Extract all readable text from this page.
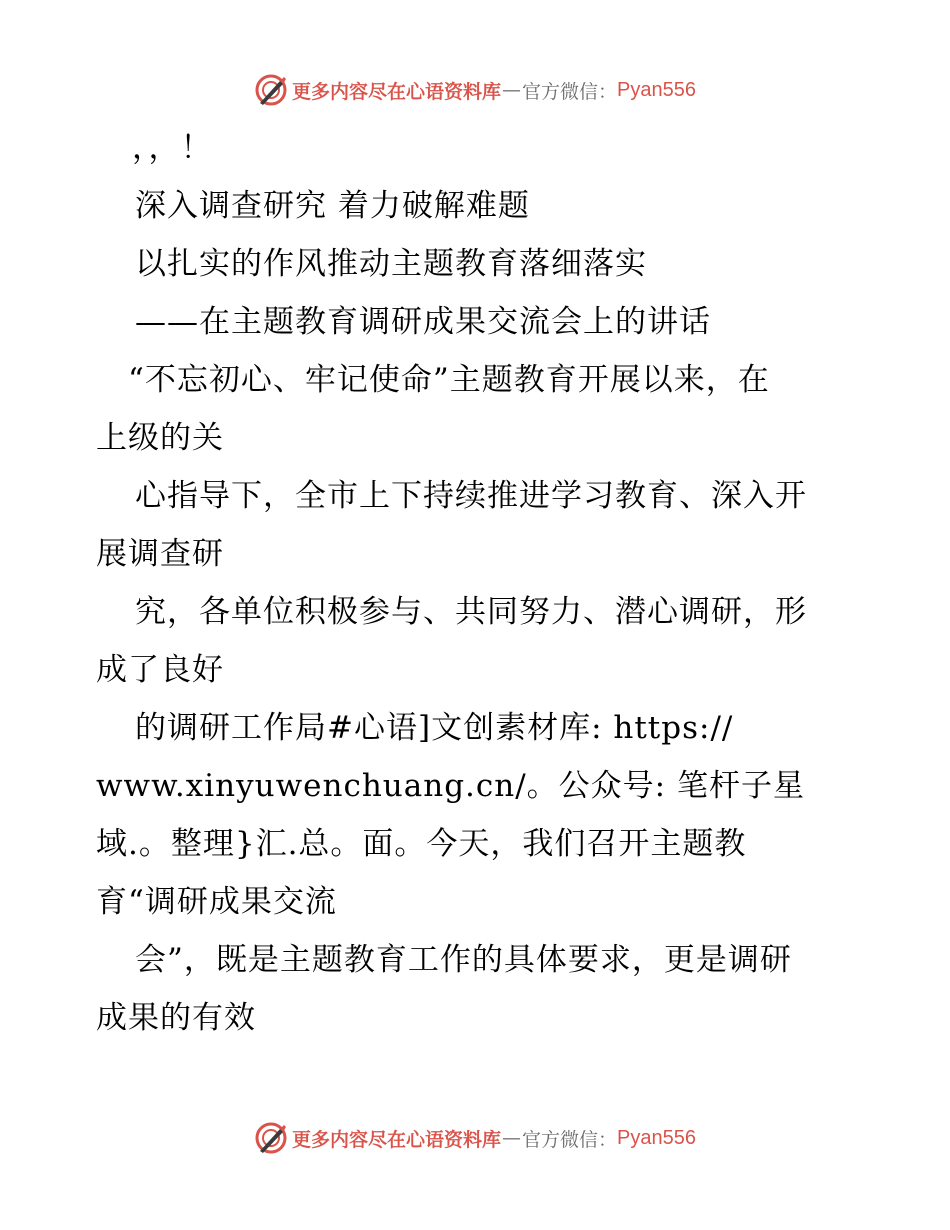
更多内容尽在心语资料库 — 官方微信： Pyan556
，，！
深入调查研究 着力破解难题
以扎实的作风推动主题教育落细落实
——在主题教育调研成果交流会上的讲话
“不忘初心、牢记使命”主题教育开展以来，在
上级的关
心指导下，全市上下持续推进学习教育、深入开
展调查研
究，各单位积极参与、共同努力、潜心调研，形
成了良好
的调研工作局#心语]文创素材库: https://
www.xinyuwenchuang.cn/。公众号: 笔杆子星
域.。整理}汇.总。面。今天，我们召开主题教
育“调研成果交流
会”，既是主题教育工作的具体要求，更是调研
成果的有效
更多内容尽在心语资料库 — 官方微信： Pyan556
